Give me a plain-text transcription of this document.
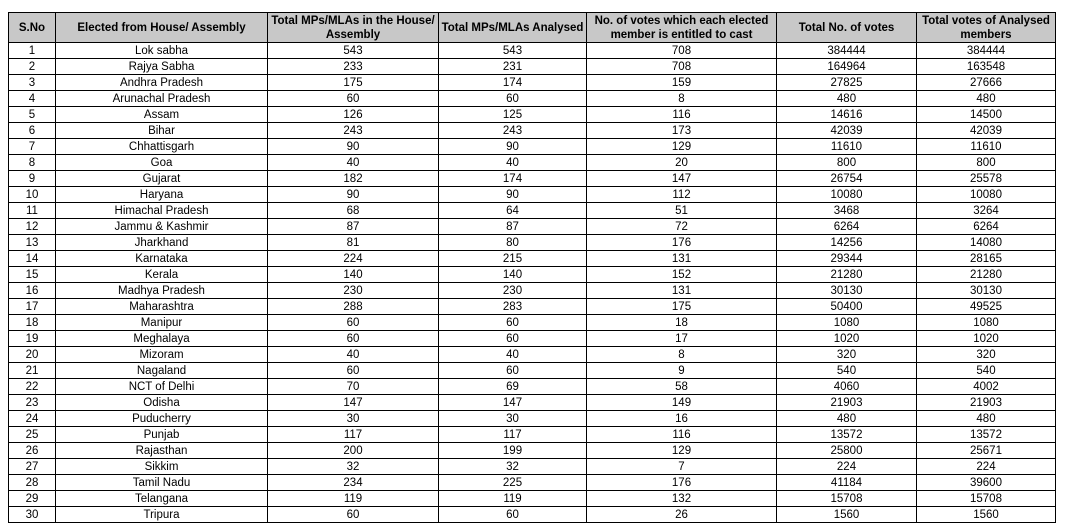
S.No	Elected from House/ Assembly	Total MPs/MLAs in the House/ Assembly	Total MPs/MLAs Analysed	No. of votes which each elected member is entitled to cast	Total No. of votes	Total votes of Analysed members
1	Lok sabha	543	543	708	384444	384444
2	Rajya Sabha	233	231	708	164964	163548
3	Andhra Pradesh	175	174	159	27825	27666
4	Arunachal Pradesh	60	60	8	480	480
5	Assam	126	125	116	14616	14500
6	Bihar	243	243	173	42039	42039
7	Chhattisgarh	90	90	129	11610	11610
8	Goa	40	40	20	800	800
9	Gujarat	182	174	147	26754	25578
10	Haryana	90	90	112	10080	10080
11	Himachal Pradesh	68	64	51	3468	3264
12	Jammu & Kashmir	87	87	72	6264	6264
13	Jharkhand	81	80	176	14256	14080
14	Karnataka	224	215	131	29344	28165
15	Kerala	140	140	152	21280	21280
16	Madhya Pradesh	230	230	131	30130	30130
17	Maharashtra	288	283	175	50400	49525
18	Manipur	60	60	18	1080	1080
19	Meghalaya	60	60	17	1020	1020
20	Mizoram	40	40	8	320	320
21	Nagaland	60	60	9	540	540
22	NCT of Delhi	70	69	58	4060	4002
23	Odisha	147	147	149	21903	21903
24	Puducherry	30	30	16	480	480
25	Punjab	117	117	116	13572	13572
26	Rajasthan	200	199	129	25800	25671
27	Sikkim	32	32	7	224	224
28	Tamil Nadu	234	225	176	41184	39600
29	Telangana	119	119	132	15708	15708
30	Tripura	60	60	26	1560	1560
